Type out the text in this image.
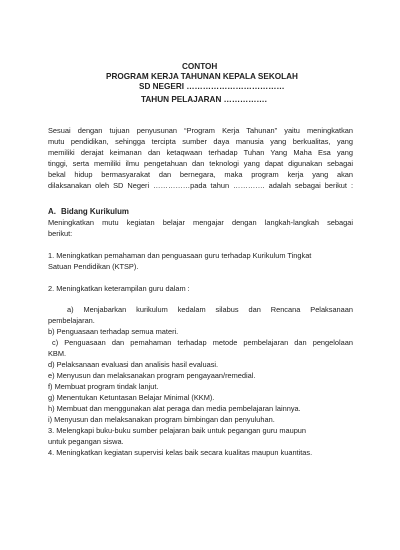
CONTOH
PROGRAM KERJA TAHUNAN KEPALA SEKOLAH
SD NEGERI ………………………………
TAHUN PELAJARAN …………….
Sesuai dengan tujuan penyusunan “Program Kerja Tahunan” yaitu meningkatkan
mutu pendidikan, sehingga tercipta sumber daya manusia yang berkualitas, yang
memiliki derajat keimanan dan ketaqwaan terhadap Tuhan Yang Maha Esa yang
tinggi, serta memiliki ilmu pengetahuan dan teknologi yang dapat digunakan sebagai
bekal hidup bermasyarakat dan bernegara, maka program kerja yang akan
dilaksanakan oleh SD Negeri ……………pada tahun …………. adalah sebagai berikut :
A. Bidang Kurikulum
Meningkatkan mutu kegiatan belajar mengajar dengan langkah-langkah sebagai
berikut:
1. Meningkatkan pemahaman dan penguasaan guru terhadap Kurikulum Tingkat
Satuan Pendidikan (KTSP).
2. Meningkatkan keterampilan guru dalam :
a) Menjabarkan kurikulum kedalam silabus dan Rencana Pelaksanaan
pembelajaran.
b) Penguasaan terhadap semua materi.
c) Penguasaan dan pemahaman terhadap metode pembelajaran dan pengelolaan
KBM.
d) Pelaksanaan evaluasi dan analisis hasil evaluasi.
e) Menyusun dan melaksanakan program pengayaan/remedial.
f) Membuat program tindak lanjut.
g) Menentukan Ketuntasan Belajar Minimal (KKM).
h) Membuat dan menggunakan alat peraga dan media pembelajaran lainnya.
i) Menyusun dan melaksanakan program bimbingan dan penyuluhan.
3. Melengkapi buku-buku sumber pelajaran baik untuk pegangan guru maupun
untuk pegangan siswa.
4. Meningkatkan kegiatan supervisi kelas baik secara kualitas maupun kuantitas.
